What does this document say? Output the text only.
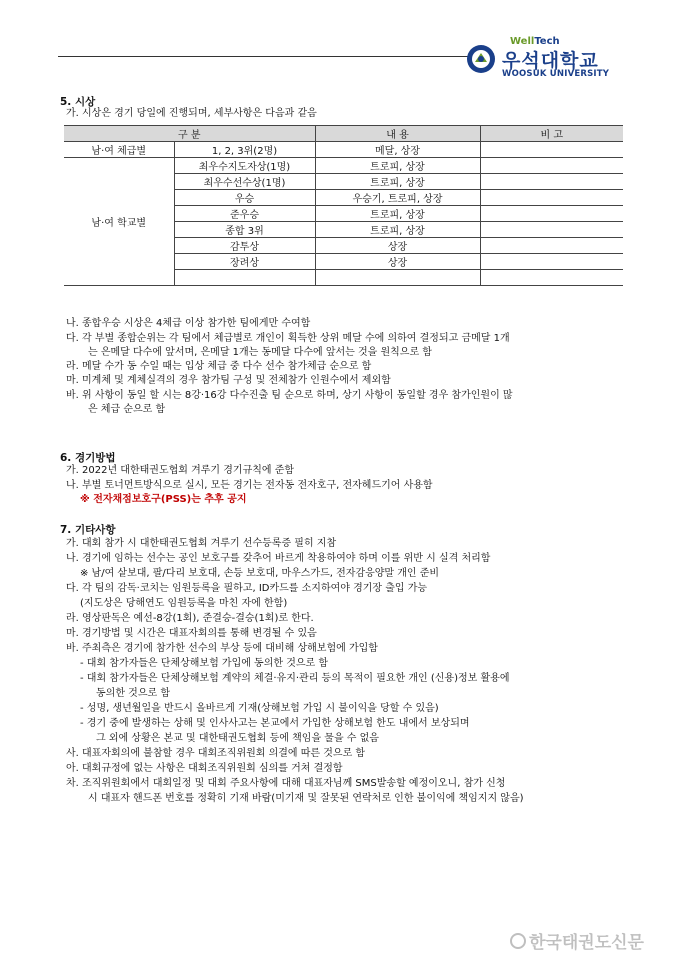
WellTech
우석대학교
WOOSUK UNIVERSITY
5. 시상
가. 시상은 경기 당일에 진행되며, 세부사항은 다음과 같음
구 분		내 용	비 고
남·여 체급별	1, 2, 3위(2명)	메달, 상장	
남·여 학교별	최우수지도자상(1명)	트로피, 상장	
	최우수선수상(1명)	트로피, 상장	
	우승	우승기, 트로피, 상장	
	준우승	트로피, 상장	
	종합 3위	트로피, 상장	
	감투상	상장	
	장려상	상장	

나. 종합우승 시상은 4체급 이상 참가한 팀에게만 수여함
다. 각 부별 종합순위는 각 팀에서 체급별로 개인이 획득한 상위 메달 수에 의하여 결정되고 금메달 1개
는 은메달 다수에 앞서며, 은메달 1개는 동메달 다수에 앞서는 것을 원칙으로 함
라. 메달 수가 동 수일 때는 입상 체급 중 다수 선수 참가체급 순으로 함
마. 미계체 및 계체실격의 경우 참가팀 구성 및 전체참가 인원수에서 제외함
바. 위 사항이 동일 할 시는 8강·16강 다수진출 팀 순으로 하며, 상기 사항이 동일할 경우 참가인원이 많
은 체급 순으로 함
6. 경기방법
가. 2022년 대한태권도협회 겨루기 경기규칙에 준함
나. 부별 토너먼트방식으로 실시, 모든 경기는 전자동 전자호구, 전자헤드기어 사용함
※ 전자채점보호구(PSS)는 추후 공지
7. 기타사항
가. 대회 참가 시 대한태권도협회 겨루기 선수등록증 필히 지참
나. 경기에 임하는 선수는 공인 보호구를 갖추어 바르게 착용하여야 하며 이를 위반 시 실격 처리함
※ 남/여 샅보대, 팔/다리 보호대, 손등 보호대, 마우스가드, 전자감응양말 개인 준비
다. 각 팀의 감독·코치는 임원등록을 필하고, ID카드를 소지하여야 경기장 출입 가능
(지도상은 당해연도 임원등록을 마친 자에 한함)
라. 영상판독은 예선-8강(1회), 준결승-결승(1회)로 한다.
마. 경기방법 및 시간은 대표자회의를 통해 변경될 수 있음
바. 주최측은 경기에 참가한 선수의 부상 등에 대비해 상해보험에 가입함
- 대회 참가자들은 단체상해보험 가입에 동의한 것으로 함
- 대회 참가자들은 단체상해보험 계약의 체결·유지·관리 등의 목적이 필요한 개인 (신용)정보 활용에
동의한 것으로 함
- 성명, 생년월일을 반드시 올바르게 기재(상해보험 가입 시 불이익을 당할 수 있음)
- 경기 중에 발생하는 상해 및 인사사고는 본교에서 가입한 상해보험 한도 내에서 보상되며
그 외에 상황은 본교 및 대한태권도협회 등에 책임을 물을 수 없음
사. 대표자회의에 불참할 경우 대회조직위원회 의결에 따른 것으로 함
아. 대회규정에 없는 사항은 대회조직위원회 심의를 거쳐 결정함
차. 조직위원회에서 대회일정 및 대회 주요사항에 대해 대표자님께 SMS발송할 예정이오니, 참가 신청
시 대표자 핸드폰 번호를 정확히 기재 바람(미기재 및 잘못된 연락처로 인한 불이익에 책임지지 않음)
한국태권도신문
